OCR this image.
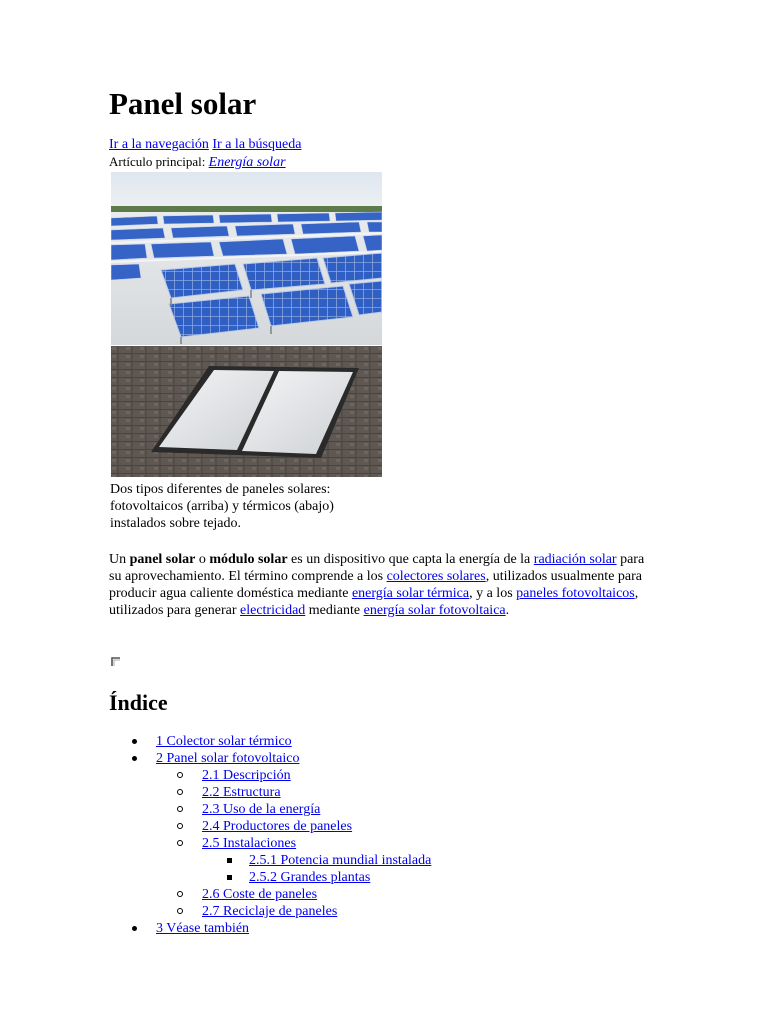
Panel solar
Ir a la navegación Ir a la búsqueda
Artículo principal: Energía solar

Dos tipos diferentes de paneles solares: fotovoltaicos (arriba) y térmicos (abajo) instalados sobre tejado.

Un panel solar o módulo solar es un dispositivo que capta la energía de la radiación solar para su aprovechamiento. El término comprende a los colectores solares, utilizados usualmente para producir agua caliente doméstica mediante energía solar térmica, y a los paneles fotovoltaicos, utilizados para generar electricidad mediante energía solar fotovoltaica.

Índice
1 Colector solar térmico
2 Panel solar fotovoltaico
2.1 Descripción
2.2 Estructura
2.3 Uso de la energía
2.4 Productores de paneles
2.5 Instalaciones
2.5.1 Potencia mundial instalada
2.5.2 Grandes plantas
2.6 Coste de paneles
2.7 Reciclaje de paneles
3 Véase también
